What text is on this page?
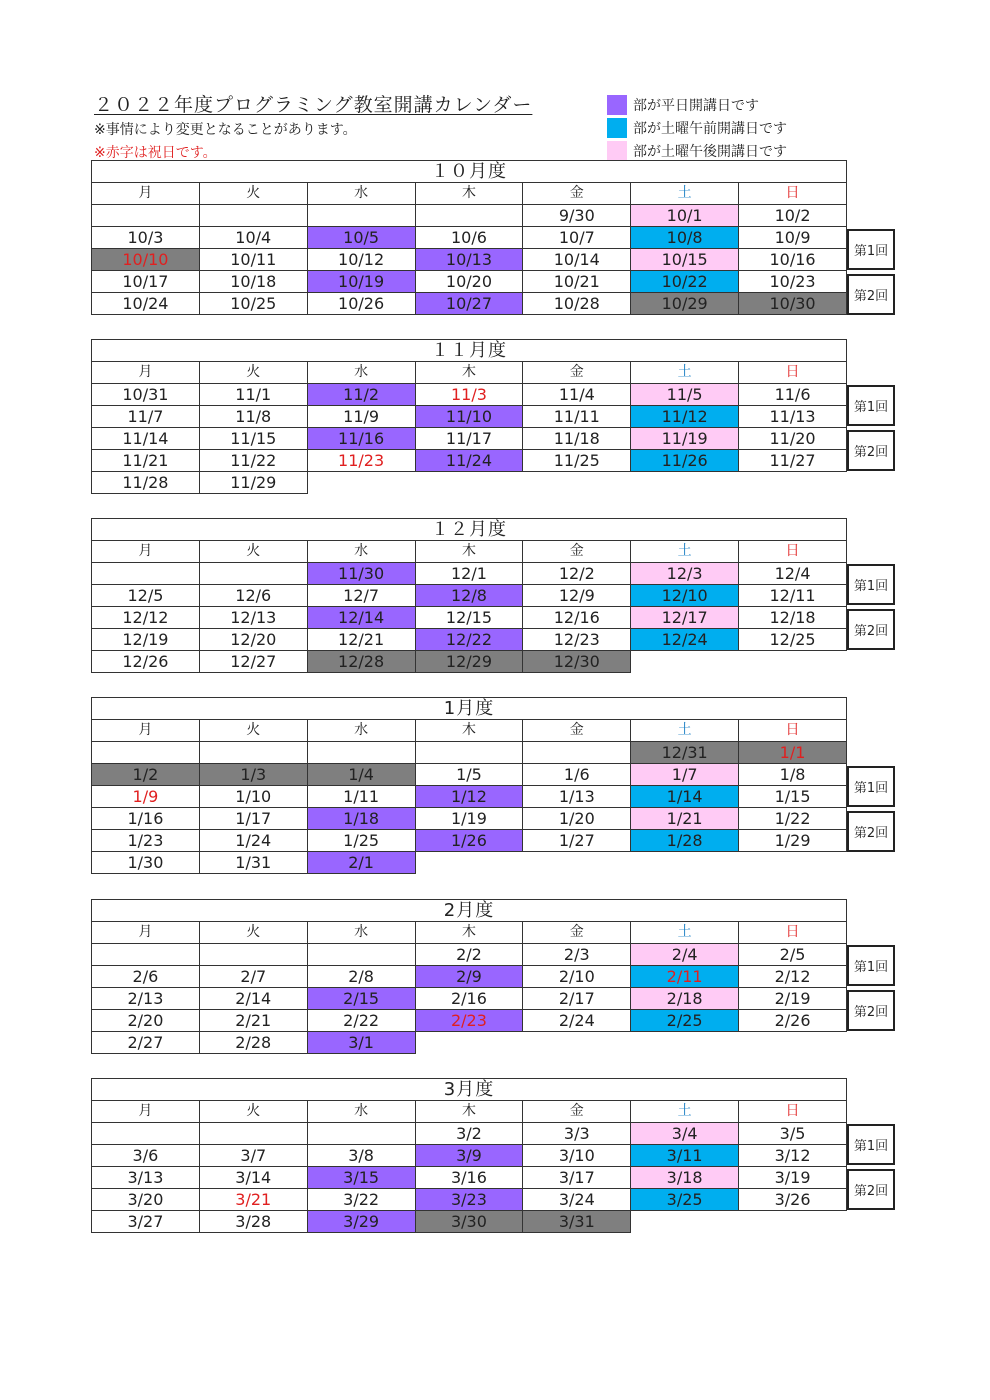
２０２２年度プログラミング教室開講カレンダー
※事情により変更となることがあります。
※赤字は祝日です。
部が平日開講日です
部が土曜午前開講日です
部が土曜午後開講日です
１０月度						
月	火	水	木	金	土	日
				9/30	10/1	10/2
10/3	10/4	10/5	10/6	10/7	10/8	10/9
10/10	10/11	10/12	10/13	10/14	10/15	10/16
10/17	10/18	10/19	10/20	10/21	10/22	10/23
10/24	10/25	10/26	10/27	10/28	10/29	10/30
第1回
第2回
１１月度						
月	火	水	木	金	土	日
10/31	11/1	11/2	11/3	11/4	11/5	11/6
11/7	11/8	11/9	11/10	11/11	11/12	11/13
11/14	11/15	11/16	11/17	11/18	11/19	11/20
11/21	11/22	11/23	11/24	11/25	11/26	11/27
11/28	11/29					
第1回
第2回
１２月度						
月	火	水	木	金	土	日
		11/30	12/1	12/2	12/3	12/4
12/5	12/6	12/7	12/8	12/9	12/10	12/11
12/12	12/13	12/14	12/15	12/16	12/17	12/18
12/19	12/20	12/21	12/22	12/23	12/24	12/25
12/26	12/27	12/28	12/29	12/30		
第1回
第2回
1月度						
月	火	水	木	金	土	日
					12/31	1/1
1/2	1/3	1/4	1/5	1/6	1/7	1/8
1/9	1/10	1/11	1/12	1/13	1/14	1/15
1/16	1/17	1/18	1/19	1/20	1/21	1/22
1/23	1/24	1/25	1/26	1/27	1/28	1/29
1/30	1/31	2/1				
第1回
第2回
2月度						
月	火	水	木	金	土	日
			2/2	2/3	2/4	2/5
2/6	2/7	2/8	2/9	2/10	2/11	2/12
2/13	2/14	2/15	2/16	2/17	2/18	2/19
2/20	2/21	2/22	2/23	2/24	2/25	2/26
2/27	2/28	3/1				
第1回
第2回
3月度						
月	火	水	木	金	土	日
			3/2	3/3	3/4	3/5
3/6	3/7	3/8	3/9	3/10	3/11	3/12
3/13	3/14	3/15	3/16	3/17	3/18	3/19
3/20	3/21	3/22	3/23	3/24	3/25	3/26
3/27	3/28	3/29	3/30	3/31		
第1回
第2回
